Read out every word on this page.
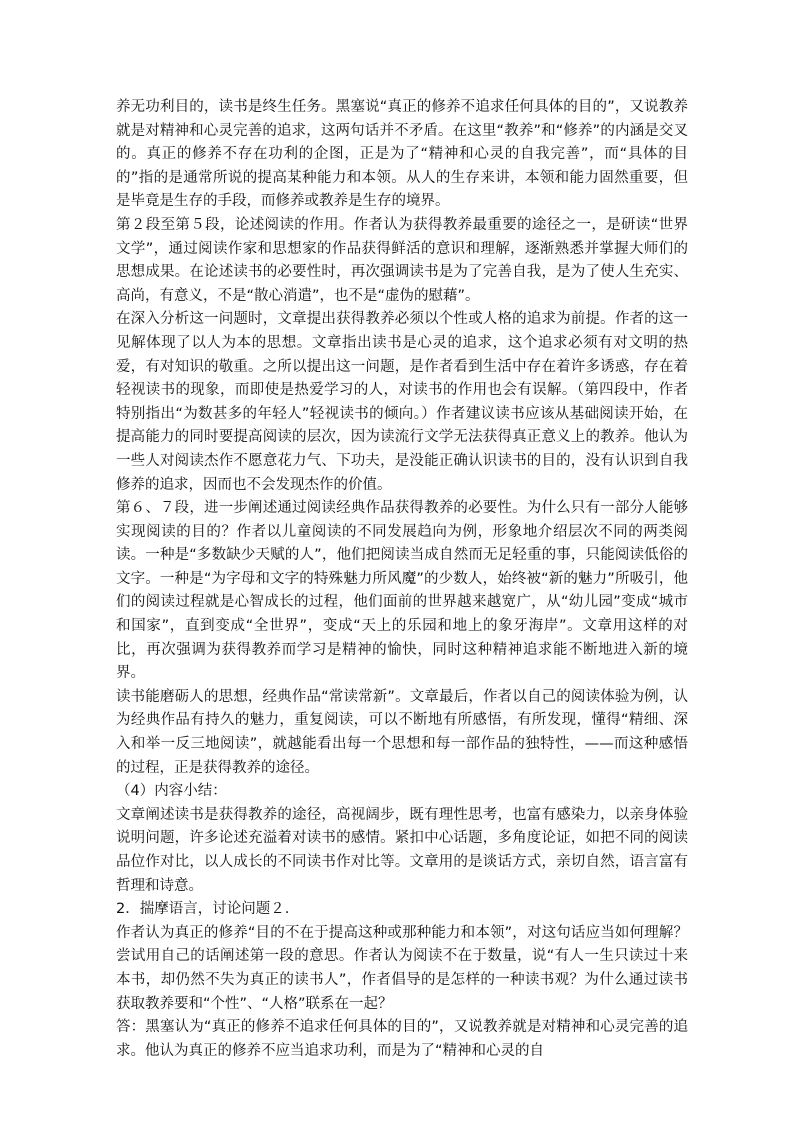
养无功利目的，读书是终生任务。黑塞说“真正的修养不追求任何具体的目的”，又说教养就是对精神和心灵完善的追求，这两句话并不矛盾。在这里“教养”和“修养”的内涵是交叉的。真正的修养不存在功利的企图，正是为了“精神和心灵的自我完善”，而“具体的目的”指的是通常所说的提高某种能力和本领。从人的生存来讲，本领和能力固然重要，但是毕竟是生存的手段，而修养或教养是生存的境界。

第２段至第５段，论述阅读的作用。作者认为获得教养最重要的途径之一，是研读“世界文学”，通过阅读作家和思想家的作品获得鲜活的意识和理解，逐渐熟悉并掌握大师们的思想成果。在论述读书的必要性时，再次强调读书是为了完善自我，是为了使人生充实、高尚，有意义，不是“散心消遣”，也不是“虚伪的慰藉”。

在深入分析这一问题时，文章提出获得教养必须以个性或人格的追求为前提。作者的这一见解体现了以人为本的思想。文章指出读书是心灵的追求，这个追求必须有对文明的热爱，有对知识的敬重。之所以提出这一问题，是作者看到生活中存在着许多诱惑，存在着轻视读书的现象，而即使是热爱学习的人，对读书的作用也会有误解。（第四段中，作者特别指出“为数甚多的年轻人”轻视读书的倾向。）作者建议读书应该从基础阅读开始，在提高能力的同时要提高阅读的层次，因为读流行文学无法获得真正意义上的教养。他认为一些人对阅读杰作不愿意花力气、下功夫，是没能正确认识读书的目的，没有认识到自我修养的追求，因而也不会发现杰作的价值。

第６、７段，进一步阐述通过阅读经典作品获得教养的必要性。为什么只有一部分人能够实现阅读的目的？作者以儿童阅读的不同发展趋向为例，形象地介绍层次不同的两类阅读。一种是“多数缺少天赋的人”，他们把阅读当成自然而无足轻重的事，只能阅读低俗的文字。一种是“为字母和文字的特殊魅力所风魔”的少数人，始终被“新的魅力”所吸引，他们的阅读过程就是心智成长的过程，他们面前的世界越来越宽广，从“幼儿园”变成“城市和国家”，直到变成“全世界”，变成“天上的乐园和地上的象牙海岸”。文章用这样的对比，再次强调为获得教养而学习是精神的愉快，同时这种精神追求能不断地进入新的境界。

读书能磨砺人的思想，经典作品“常读常新”。文章最后，作者以自己的阅读体验为例，认为经典作品有持久的魅力，重复阅读，可以不断地有所感悟，有所发现，懂得“精细、深入和举一反三地阅读”，就越能看出每一个思想和每一部作品的独特性，——而这种感悟的过程，正是获得教养的途径。

（4）内容小结：

文章阐述读书是获得教养的途径，高视阔步，既有理性思考，也富有感染力，以亲身体验说明问题，许多论述充溢着对读书的感情。紧扣中心话题，多角度论证，如把不同的阅读品位作对比，以人成长的不同读书作对比等。文章用的是谈话方式，亲切自然，语言富有哲理和诗意。

2．揣摩语言，讨论问题２.

作者认为真正的修养“目的不在于提高这种或那种能力和本领”，对这句话应当如何理解？尝试用自己的话阐述第一段的意思。作者认为阅读不在于数量，说“有人一生只读过十来本书，却仍然不失为真正的读书人”，作者倡导的是怎样的一种读书观？为什么通过读书获取教养要和“个性”、“人格”联系在一起？

答：黑塞认为“真正的修养不追求任何具体的目的”，又说教养就是对精神和心灵完善的追求。他认为真正的修养不应当追求功利，而是为了“精神和心灵的自
